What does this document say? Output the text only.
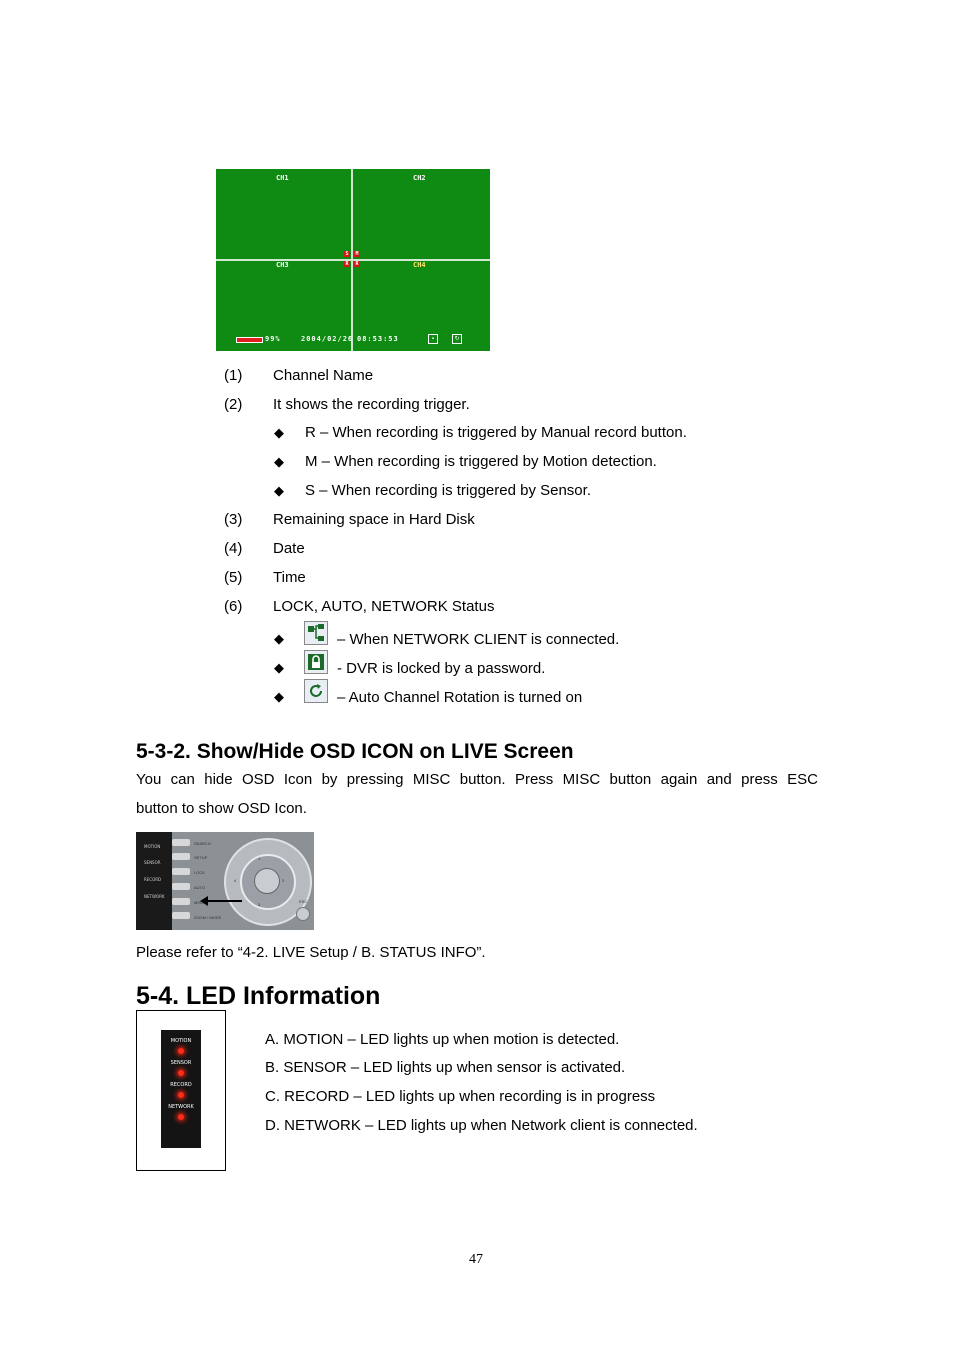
CH1	CH2
CH3	CH4
S	M
R	R
99%	2004/02/26 08:53:53	▪	↻
(1) Channel Name
(2) It shows the recording trigger.
◆ R – When recording is triggered by Manual record button.
◆ M – When recording is triggered by Motion detection.
◆ S – When recording is triggered by Sensor.
(3) Remaining space in Hard Disk
(4) Date
(5) Time
(6) LOCK, AUTO, NETWORK Status
◆	– When NETWORK CLIENT is connected.
◆	- DVR is locked by a password.
◆	– Auto Channel Rotation is turned on
5-3-2. Show/Hide OSD ICON on LIVE Screen
You can hide OSD Icon by pressing MISC button. Press MISC button again and press ESC
button to show OSD Icon.
MOTION
SENSOR
RECORD
NETWORK
SEARCH
SETUP
LOCK
AUTO
MISC
ZOOM / MODE
1
2
3
4
ESC
Please refer to “4-2. LIVE Setup / B. STATUS INFO”.
5-4. LED Information
MOTION
SENSOR
RECORD
NETWORK
A. MOTION – LED lights up when motion is detected.
B. SENSOR – LED lights up when sensor is activated.
C. RECORD – LED lights up when recording is in progress
D. NETWORK – LED lights up when Network client is connected.
47
